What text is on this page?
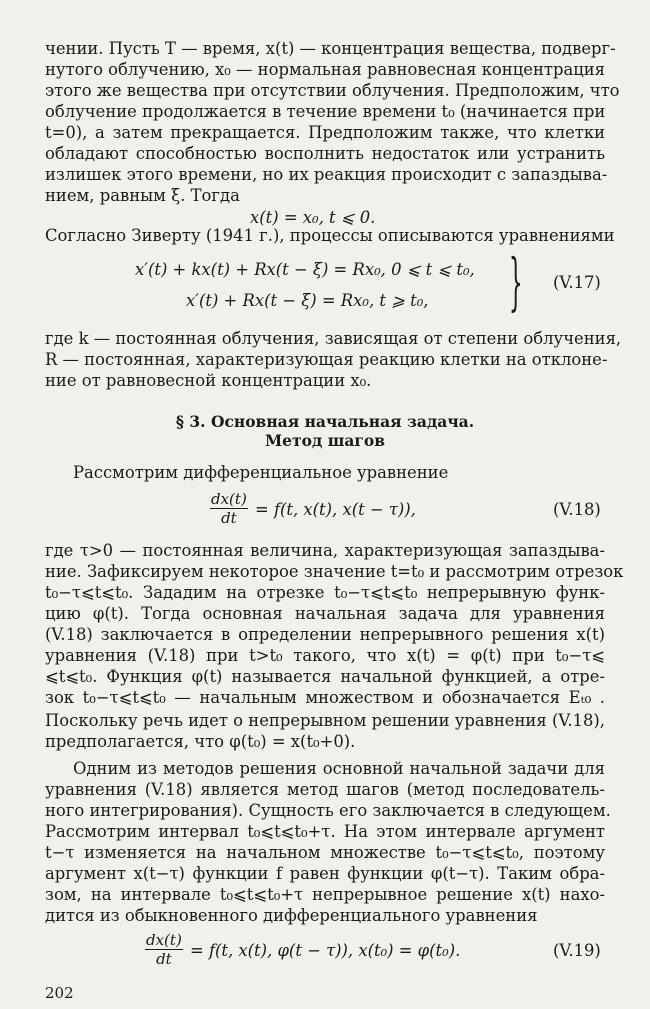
чении. Пусть T — время, x(t) — концентрация вещества, подверг-
нутого облучению, x₀ — нормальная равновесная концентрация
этого же вещества при отсутствии облучения. Предположим, что
облучение продолжается в течение времени t₀ (начинается при
t=0), а затем прекращается. Предположим также, что клетки
обладают способностью восполнить недостаток или устранить
излишек этого времени, но их реакция происходит с запаздыва-
нием, равным ξ. Тогда
x(t) = x₀, t ⩽ 0.
Согласно Зиверту (1941 г.), процессы описываются уравнениями
x′(t) + kx(t) + Rx(t − ξ) = Rx₀, 0 ⩽ t ⩽ t₀,
x′(t) + Rx(t − ξ) = Rx₀, t ⩾ t₀, } (V.17)
где k — постоянная облучения, зависящая от степени облучения,
R — постоянная, характеризующая реакцию клетки на отклоне-
ние от равновесной концентрации x₀.
§ 3. Основная начальная задача.
Метод шагов
Рассмотрим дифференциальное уравнение
$\frac{dx(t)}{dt} = f(t$, x(t), x(t − τ)),	(V.18)
где τ>0 — постоянная величина, характеризующая запаздыва-
ние. Зафиксируем некоторое значение t=t₀ и рассмотрим отрезок
t₀−τ⩽t⩽t₀. Зададим на отрезке t₀−τ⩽t⩽t₀ непрерывную функ-
цию φ(t). Тогда основная начальная задача для уравнения
(V.18) заключается в определении непрерывного решения x(t)
уравнения (V.18) при t>t₀ такого, что x(t) = φ(t) при t₀−τ⩽
⩽t⩽t₀. Функция φ(t) называется начальной функцией, а отре-
зок t₀−τ⩽t⩽t₀ — начальным множеством и обозначается Eₜ₀ .
Поскольку речь идет о непрерывном решении уравнения (V.18),
предполагается, что φ(t₀) = x(t₀+0).
Одним из методов решения основной начальной задачи для
уравнения (V.18) является метод шагов (метод последователь-
ного интегрирования). Сущность его заключается в следующем.
Рассмотрим интервал t₀⩽t⩽t₀+τ. На этом интервале аргумент
t−τ изменяется на начальном множестве t₀−τ⩽t⩽t₀, поэтому
аргумент x(t−τ) функции f равен функции φ(t−τ). Таким обра-
зом, на интервале t₀⩽t⩽t₀+τ непрерывное решение x(t) нахо-
дится из обыкновенного дифференциального уравнения
$\frac{dx(t)}{dt} = f(t$, x(t), φ(t − τ)), x(t₀) = φ(t₀).	(V.19)
202
